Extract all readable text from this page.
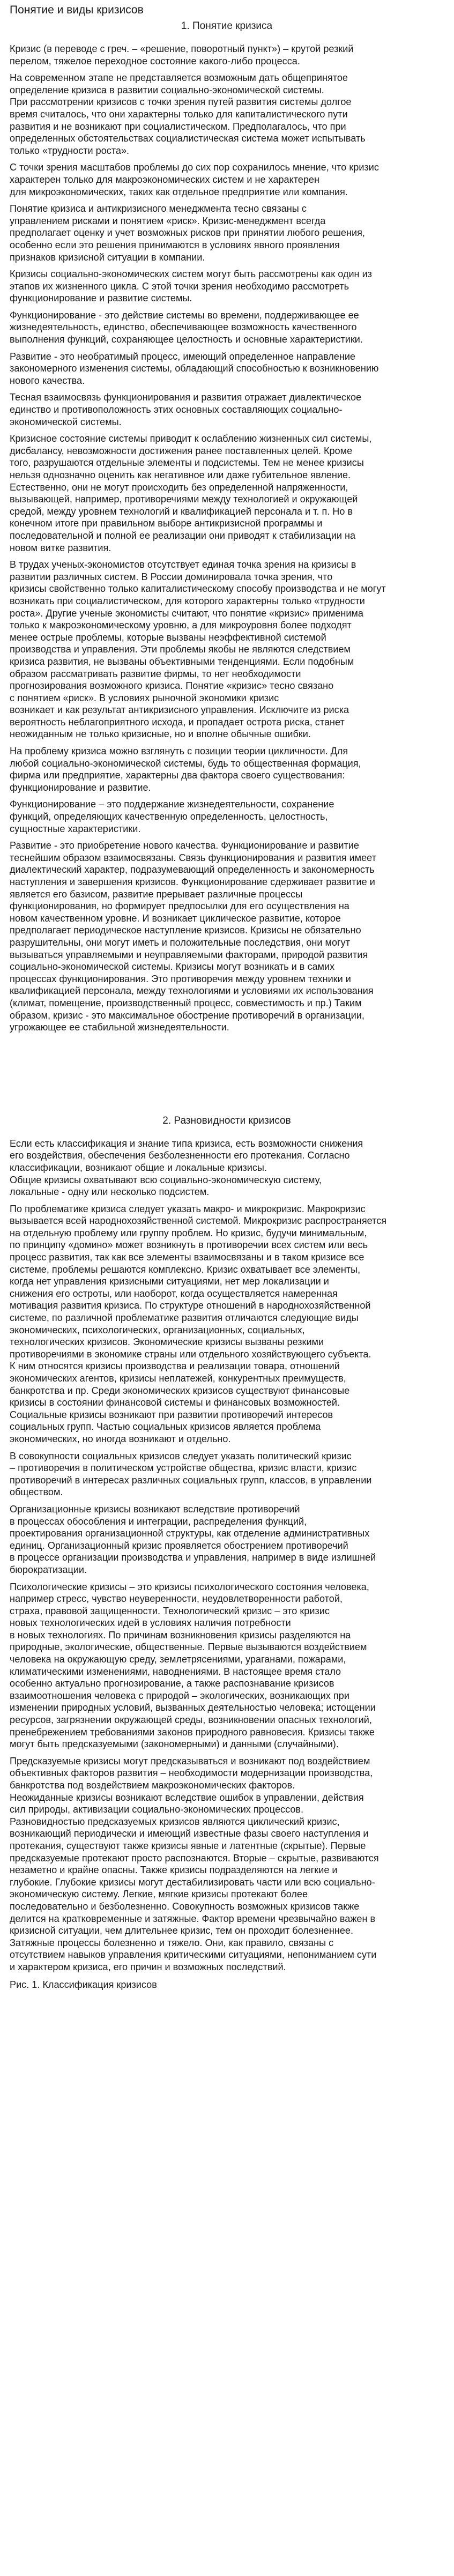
Понятие и виды кризисов
1. Понятие кризиса

Кризис (в переводе с греч. – «решение, поворотный пункт») – крутой резкий
перелом, тяжелое переходное состояние какого-либо процесса.

На современном этапе не представляется возможным дать общепринятое
определение кризиса в развитии социально-экономической системы.
При рассмотрении кризисов с точки зрения путей развития системы долгое
время считалось, что они характерны только для капиталистического пути
развития и не возникают при социалистическом. Предполагалось, что при
определенных обстоятельствах социалистическая система может испытывать
только «трудности роста».

С точки зрения масштабов проблемы до сих пор сохранилось мнение, что кризис
характерен только для макроэкономических систем и не характерен
для микроэкономических, таких как отдельное предприятие или компания.

Понятие кризиса и антикризисного менеджмента тесно связаны с
управлением рисками и понятием «риск». Кризис-менеджмент всегда
предполагает оценку и учет возможных рисков при принятии любого решения,
особенно если это решения принимаются в условиях явного проявления
признаков кризисной ситуации в компании.

Кризисы социально-экономических систем могут быть рассмотрены как один из
этапов их жизненного цикла. С этой точки зрения необходимо рассмотреть
функционирование и развитие системы.

Функционирование - это действие системы во времени, поддерживающее ее
жизнедеятельность, единство, обеспечивающее возможность качественного
выполнения функций, сохраняющее целостность и основные характеристики.

Развитие - это необратимый процесс, имеющий определенное направление
закономерного изменения системы, обладающий способностью к возникновению
нового качества.

Тесная взаимосвязь функционирования и развития отражает диалектическое
единство и противоположность этих основных составляющих социально-
экономической системы.

Кризисное состояние системы приводит к ослаблению жизненных сил системы,
дисбалансу, невозможности достижения ранее поставленных целей. Кроме
того, разрушаются отдельные элементы и подсистемы. Тем не менее кризисы
нельзя однозначно оценить как негативное или даже губительное явление.
Естественно, они не могут происходить без определенной напряженности,
вызывающей, например, противоречиями между технологией и окружающей
средой, между уровнем технологий и квалификацией персонала и т. п. Но в
конечном итоге при правильном выборе антикризисной программы и
последовательной и полной ее реализации они приводят к стабилизации на
новом витке развития.

В трудах ученых-экономистов отсутствует единая точка зрения на кризисы в
развитии различных систем. В России доминировала точка зрения, что
кризисы свойственно только капиталистическому способу производства и не могут
возникать при социалистическом, для которого характерны только «трудности
роста». Другие ученые экономисты считают, что понятие «кризис» применима
только к макроэкономическому уровню, а для микроуровня более подходят
менее острые проблемы, которые вызваны неэффективной системой
производства и управления. Эти проблемы якобы не являются следствием
кризиса развития, не вызваны объективными тенденциями. Если подобным
образом рассматривать развитие фирмы, то нет необходимости
прогнозирования возможного кризиса. Понятие «кризис» тесно связано
с понятием «риск». В условиях рыночной экономики кризис
возникает и как результат антикризисного управления. Исключите из риска
вероятность неблагоприятного исхода, и пропадает острота риска, станет
неожиданным не только кризисные, но и вполне обычные ошибки.

На проблему кризиса можно взглянуть с позиции теории цикличности. Для
любой социально-экономической системы, будь то общественная формация,
фирма или предприятие, характерны два фактора своего существования:
функционирование и развитие.

Функционирование – это поддержание жизнедеятельности, сохранение
функций, определяющих качественную определенность, целостность,
сущностные характеристики.

Развитие - это приобретение нового качества. Функционирование и развитие
теснейшим образом взаимосвязаны. Связь функционирования и развития имеет
диалектический характер, подразумевающий определенность и закономерность
наступления и завершения кризисов. Функционирование сдерживает развитие и
является его базисом, развитие прерывает различные процессы
функционирования, но формирует предпосылки для его осуществления на
новом качественном уровне. И возникает циклическое развитие, которое
предполагает периодическое наступление кризисов. Кризисы не обязательно
разрушительны, они могут иметь и положительные последствия, они могут
вызываться управляемыми и неуправляемыми факторами, природой развития
социально-экономической системы. Кризисы могут возникать и в самих
процессах функционирования. Это противоречия между уровнем техники и
квалификацией персонала, между технологиями и условиями их использования
(климат, помещение, производственный процесс, совместимость и пр.) Таким
образом, кризис - это максимальное обострение противоречий в организации,
угрожающее ее стабильной жизнедеятельности.

2. Разновидности кризисов

Если есть классификация и знание типа кризиса, есть возможности снижения
его воздействия, обеспечения безболезненности его протекания. Согласно
классификации, возникают общие и локальные кризисы.
Общие кризисы охватывают всю социально-экономическую систему,
локальные - одну или несколько подсистем.

По проблематике кризиса следует указать макро- и микрокризис. Макрокризис
вызывается всей народнохозяйственной системой. Микрокризис распространяется
на отдельную проблему или группу проблем. Но кризис, будучи минимальным,
по принципу «домино» может возникнуть в противоречии всех систем или весь
процесс развития, так как все элементы взаимосвязаны и в таком кризисе все
системе, проблемы решаются комплексно. Кризис охватывает все элементы,
когда нет управления кризисными ситуациями, нет мер локализации и
снижения его остроты, или наоборот, когда осуществляется намеренная
мотивация развития кризиса. По структуре отношений в народнохозяйственной
системе, по различной проблематике развития отличаются следующие виды
экономических, психологических, организационных, социальных,
технологических кризисов. Экономические кризисы вызваны резкими
противоречиями в экономике страны или отдельного хозяйствующего субъекта.
К ним относятся кризисы производства и реализации товара, отношений
экономических агентов, кризисы неплатежей, конкурентных преимуществ,
банкротства и пр. Среди экономических кризисов существуют финансовые
кризисы в состоянии финансовой системы и финансовых возможностей.
Социальные кризисы возникают при развитии противоречий интересов
социальных групп. Частью социальных кризисов является проблема
экономических, но иногда возникают и отдельно.

В совокупности социальных кризисов следует указать политический кризис
– противоречия в политическом устройстве общества, кризис власти, кризис
противоречий в интересах различных социальных групп, классов, в управлении
обществом.

Организационные кризисы возникают вследствие противоречий
в процессах обособления и интеграции, распределения функций,
проектирования организационной структуры, как отделение административных
единиц. Организационный кризис проявляется обострением противоречий
в процессе организации производства и управления, например в виде излишней
бюрократизации.

Психологические кризисы – это кризисы психологического состояния человека,
например стресс, чувство неуверенности, неудовлетворенности работой,
страха, правовой защищенности. Технологический кризис – это кризис
новых технологических идей в условиях наличия потребности
в новых технологиях. По причинам возникновения кризисы разделяются на
природные, экологические, общественные. Первые вызываются воздействием
человека на окружающую среду, землетрясениями, ураганами, пожарами,
климатическими изменениями, наводнениями. В настоящее время стало
особенно актуально прогнозирование, а также распознавание кризисов
взаимоотношения человека с природой – экологических, возникающих при
изменении природных условий, вызванных деятельностью человека; истощении
ресурсов, загрязнении окружающей среды, возникновении опасных технологий,
пренебрежением требованиями законов природного равновесия. Кризисы также
могут быть предсказуемыми (закономерными) и данными (случайными).

Предсказуемые кризисы могут предсказываться и возникают под воздействием
объективных факторов развития – необходимости модернизации производства,
банкротства под воздействием макроэкономических факторов.
Неожиданные кризисы возникают вследствие ошибок в управлении, действия
сил природы, активизации социально-экономических процессов.
Разновидностью предсказуемых кризисов являются циклический кризис,
возникающий периодически и имеющий известные фазы своего наступления и
протекания, существуют также кризисы явные и латентные (скрытые). Первые
предсказуемые протекают просто распознаются. Вторые – скрытые, развиваются
незаметно и крайне опасны. Также кризисы подразделяются на легкие и
глубокие. Глубокие кризисы могут дестабилизировать части или всю социально-
экономическую систему. Легкие, мягкие кризисы протекают более
последовательно и безболезненно. Совокупность возможных кризисов также
делится на кратковременные и затяжные. Фактор времени чрезвычайно важен в
кризисной ситуации, чем длительнее кризис, тем он проходит болезненнее.
Затяжные процессы болезненно и тяжело. Они, как правило, связаны с
отсутствием навыков управления критическими ситуациями, непониманием сути
и характером кризиса, его причин и возможных последствий.

Рис. 1. Классификация кризисов
